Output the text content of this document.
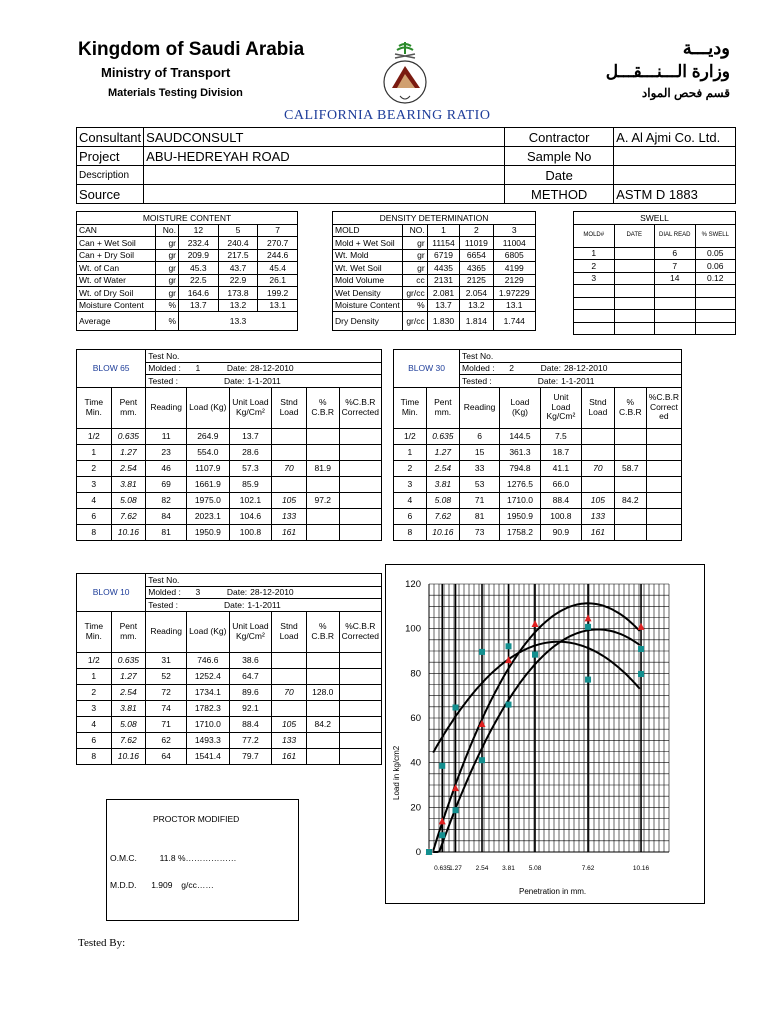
Kingdom of Saudi Arabia
Ministry of Transport
Materials Testing Division
وديـــة
وزارة الـــنـــقـــل
قسم فحص المواد
CALIFORNIA BEARING RATIO
Consultant	SAUDCONSULT	Contractor	A. Al Ajmi Co. Ltd.
Project	ABU-HEDREYAH ROAD	Sample No	
Description		Date	
Source		METHOD	ASTM D 1883
MOISTURE CONTENT				
CAN	No.	12	5	7
Can + Wet Soil	gr	232.4	240.4	270.7
Can + Dry Soil	gr	209.9	217.5	244.6
Wt. of Can	gr	45.3	43.7	45.4
Wt. of Water	gr	22.5	22.9	26.1
Wt. of Dry Soil	gr	164.6	173.8	199.2
Moisture Content	%	13.7	13.2	13.1
Average	%	13.3		
DENSITY DETERMINATION				
MOLD	NO.	1	2	3
Mold + Wet Soil	gr	11154	11019	11004
Wt. Mold	gr	6719	6654	6805
Wt. Wet Soil	gr	4435	4365	4199
Mold Volume	cc	2131	2125	2129
Wet Density	gr/cc	2.081	2.054	1.97229
Moisture Content	%	13.7	13.2	13.1
Dry Density	gr/cc	1.830	1.814	1.744
SWELL			
MOLD#	DATE	DIAL READ	% SWELL
1		6	0.05
2		7	0.06
3		14	0.12

		Test No.					
BLOW 65		Molded : 1 Date: 28-12-2010					
		Tested : Date: 1-1-2011					
Time Min.	Pent mm.	Reading	Load (Kg)	Unit Load Kg/Cm²	Stnd Load	% C.B.R	%C.B.R Corrected
1/2	0.635	11	264.9	13.7			
1	1.27	23	554.0	28.6			
2	2.54	46	1107.9	57.3	70	81.9	
3	3.81	69	1661.9	85.9			
4	5.08	82	1975.0	102.1	105	97.2	
6	7.62	84	2023.1	104.6	133		
8	10.16	81	1950.9	100.8	161		
		Test No.					
BLOW 30		Molded : 2 Date: 28-12-2010					
		Tested : Date: 1-1-2011					
Time Min.	Pent mm.	Reading	Load (Kg)	Unit Load Kg/Cm²	Stnd Load	% C.B.R	%C.B.R Correct ed
1/2	0.635	6	144.5	7.5			
1	1.27	15	361.3	18.7			
2	2.54	33	794.8	41.1	70	58.7	
3	3.81	53	1276.5	66.0			
4	5.08	71	1710.0	88.4	105	84.2	
6	7.62	81	1950.9	100.8	133		
8	10.16	73	1758.2	90.9	161		
		Test No.					
BLOW 10		Molded : 3 Date: 28-12-2010					
		Tested : Date: 1-1-2011					
Time Min.	Pent mm.	Reading	Load (Kg)	Unit Load Kg/Cm²	Stnd Load	% C.B.R	%C.B.R Corrected
1/2	0.635	31	746.6	38.6			
1	1.27	52	1252.4	64.7			
2	2.54	72	1734.1	89.6	70	128.0	
3	3.81	74	1782.3	92.1			
4	5.08	71	1710.0	88.4	105	84.2	
6	7.62	62	1493.3	77.2	133		
8	10.16	64	1541.4	79.7	161		
PROCTOR MODIFIED
O.M.C.	11.8 %………………
M.D.D. 1.909 g/cc……
Tested By:
0
20
40
60
80
100
120
0.635
1.27 2.54 3.81 5.08	7.62	10.16
Load in kg/cm2
Penetration in mm.
